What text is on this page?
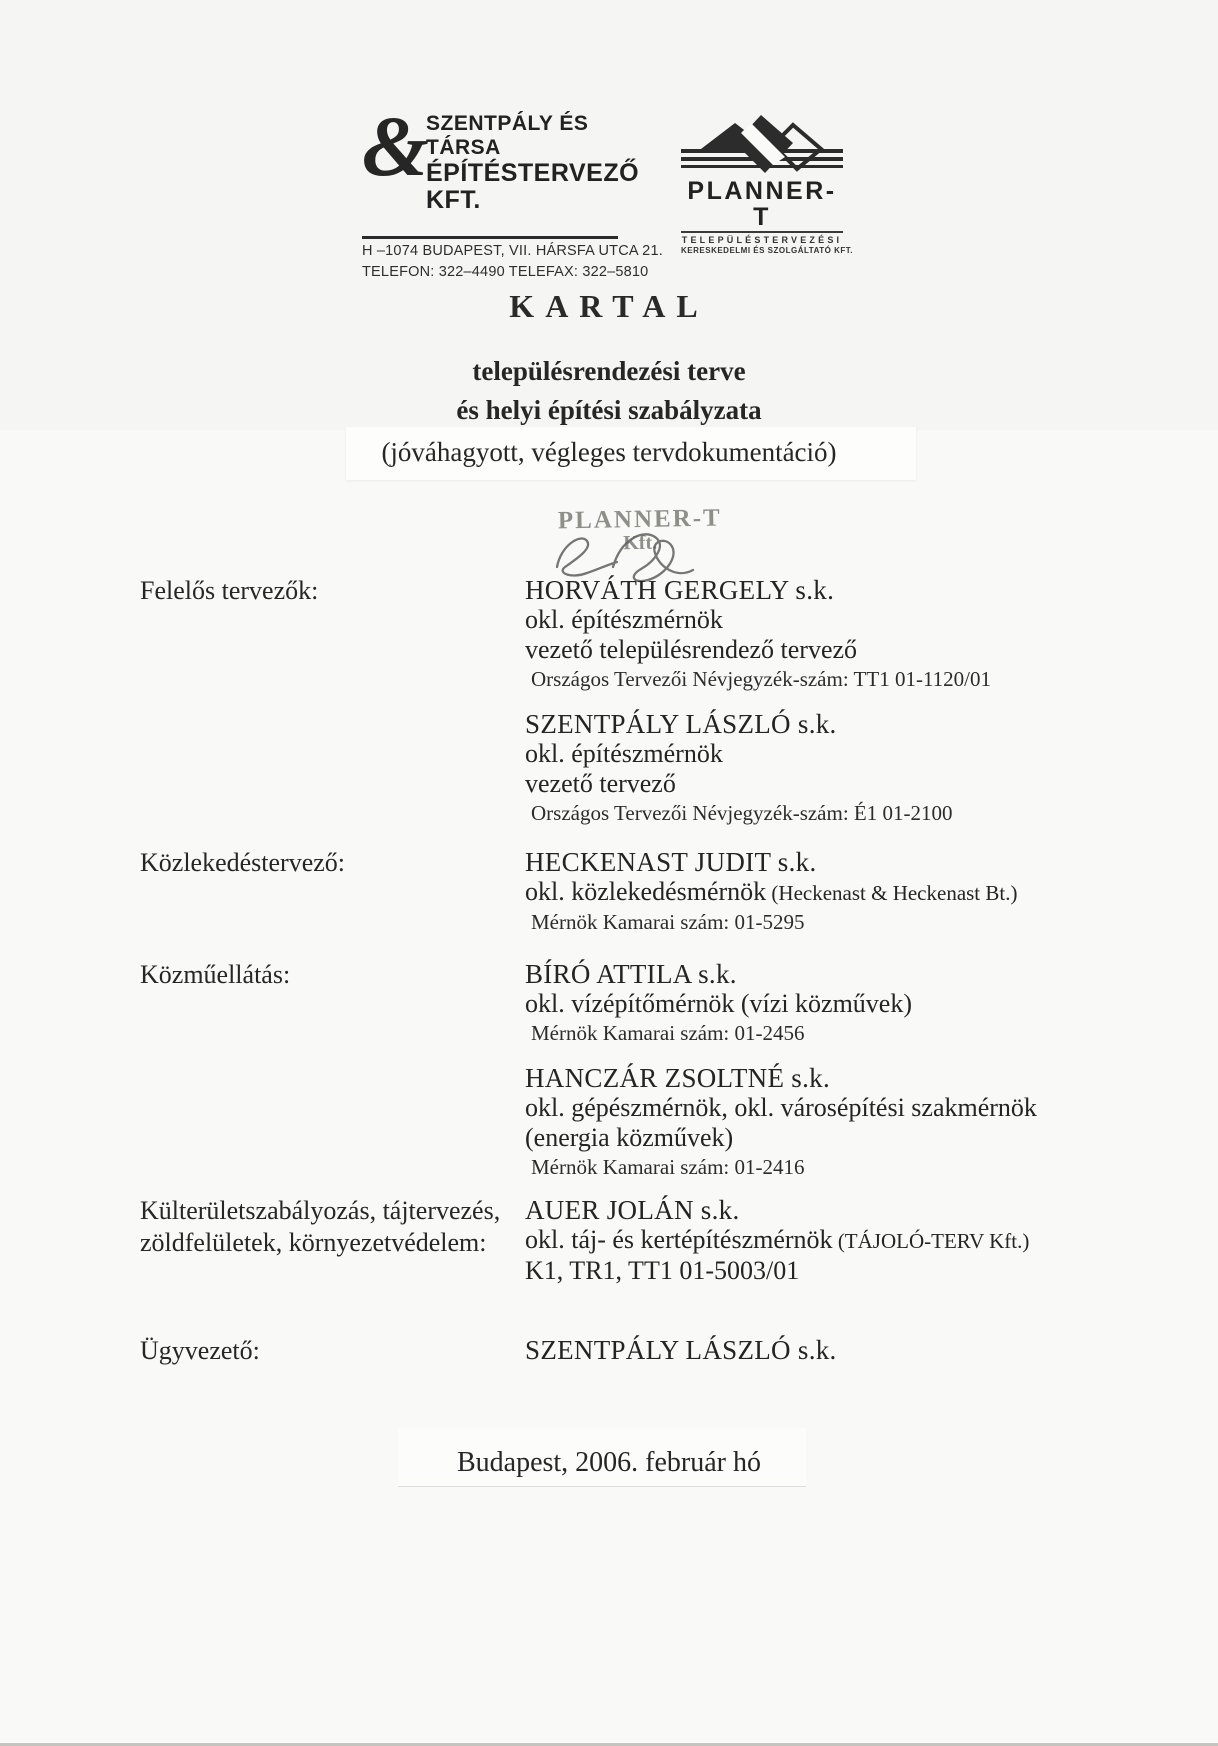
&
SZENTPÁLY ÉS TÁRSA
ÉPÍTÉSTERVEZŐ KFT.
H –1074 BUDAPEST, VII. HÁRSFA UTCA 21.
TELEFON: 322–4490 TELEFAX: 322–5810
PLANNER-T
TELEPÜLÉSTERVEZÉSI
KERESKEDELMI ÉS SZOLGÁLTATÓ KFT.
KARTAL
településrendezési terve
és helyi építési szabályzata
(jóváhagyott, végleges tervdokumentáció)
PLANNER-T
Kft.
Felelős tervezők:	HORVÁTH GERGELY s.k.
okl. építészmérnök
vezető településrendező tervező
Országos Tervezői Névjegyzék-szám: TT1 01-1120/01
SZENTPÁLY LÁSZLÓ s.k.
okl. építészmérnök
vezető tervező
Országos Tervezői Névjegyzék-szám: É1 01-2100
Közlekedéstervező:	HECKENAST JUDIT s.k.
okl. közlekedésmérnök (Heckenast & Heckenast Bt.)
Mérnök Kamarai szám: 01-5295
Közműellátás:	BÍRÓ ATTILA s.k.
okl. vízépítőmérnök (vízi közművek)
Mérnök Kamarai szám: 01-2456
HANCZÁR ZSOLTNÉ s.k.
okl. gépészmérnök, okl. városépítési szakmérnök
(energia közművek)
Mérnök Kamarai szám: 01-2416
Külterületszabályozás, tájtervezés,
zöldfelületek, környezetvédelem:
AUER JOLÁN s.k.
okl. táj- és kertépítészmérnök (TÁJOLÓ-TERV Kft.)
K1, TR1, TT1 01-5003/01
Ügyvezető:	SZENTPÁLY LÁSZLÓ s.k.
Budapest, 2006. február hó
